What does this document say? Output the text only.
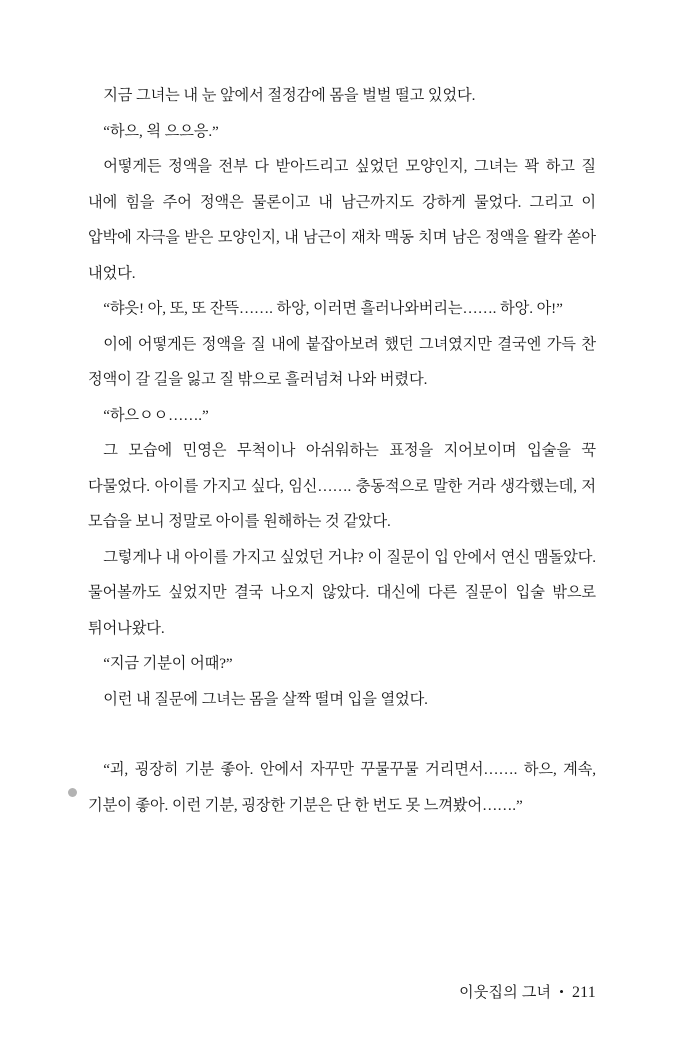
지금 그녀는 내 눈 앞에서 절정감에 몸을 벌벌 떨고 있었다.

“하으, 읙 으으응.”

어떻게든 정액을 전부 다 받아드리고 싶었던 모양인지, 그녀는 꽉 하고 질 내에 힘을 주어 정액은 물론이고 내 남근까지도 강하게 물었다. 그리고 이 압박에 자극을 받은 모양인지, 내 남근이 재차 맥동 치며 남은 정액을 왈칵 쏟아 내었다.

“햐읏! 아, 또, 또 잔뜩……. 하앙, 이러면 흘러나와버리는……. 하앙. 아!”

이에 어떻게든 정액을 질 내에 붙잡아보려 했던 그녀였지만 결국엔 가득 찬 정액이 갈 길을 잃고 질 밖으로 흘러넘쳐 나와 버렸다.

“하으ㅇㅇ…….”

그 모습에 민영은 무척이나 아쉬워하는 표정을 지어보이며 입술을 꾹 다물었다. 아이를 가지고 싶다, 임신……. 충동적으로 말한 거라 생각했는데, 저 모습을 보니 정말로 아이를 원해하는 것 같았다.

그렇게나 내 아이를 가지고 싶었던 거냐? 이 질문이 입 안에서 연신 맴돌았다. 물어볼까도 싶었지만 결국 나오지 않았다. 대신에 다른 질문이 입술 밖으로 튀어나왔다.

“지금 기분이 어때?”

이런 내 질문에 그녀는 몸을 살짝 떨며 입을 열었다.

“괴, 굉장히 기분 좋아. 안에서 자꾸만 꾸물꾸물 거리면서……. 하으, 계속, 기분이 좋아. 이런 기분, 굉장한 기분은 단 한 번도 못 느껴봤어…….”

이웃집의 그녀 • 211
